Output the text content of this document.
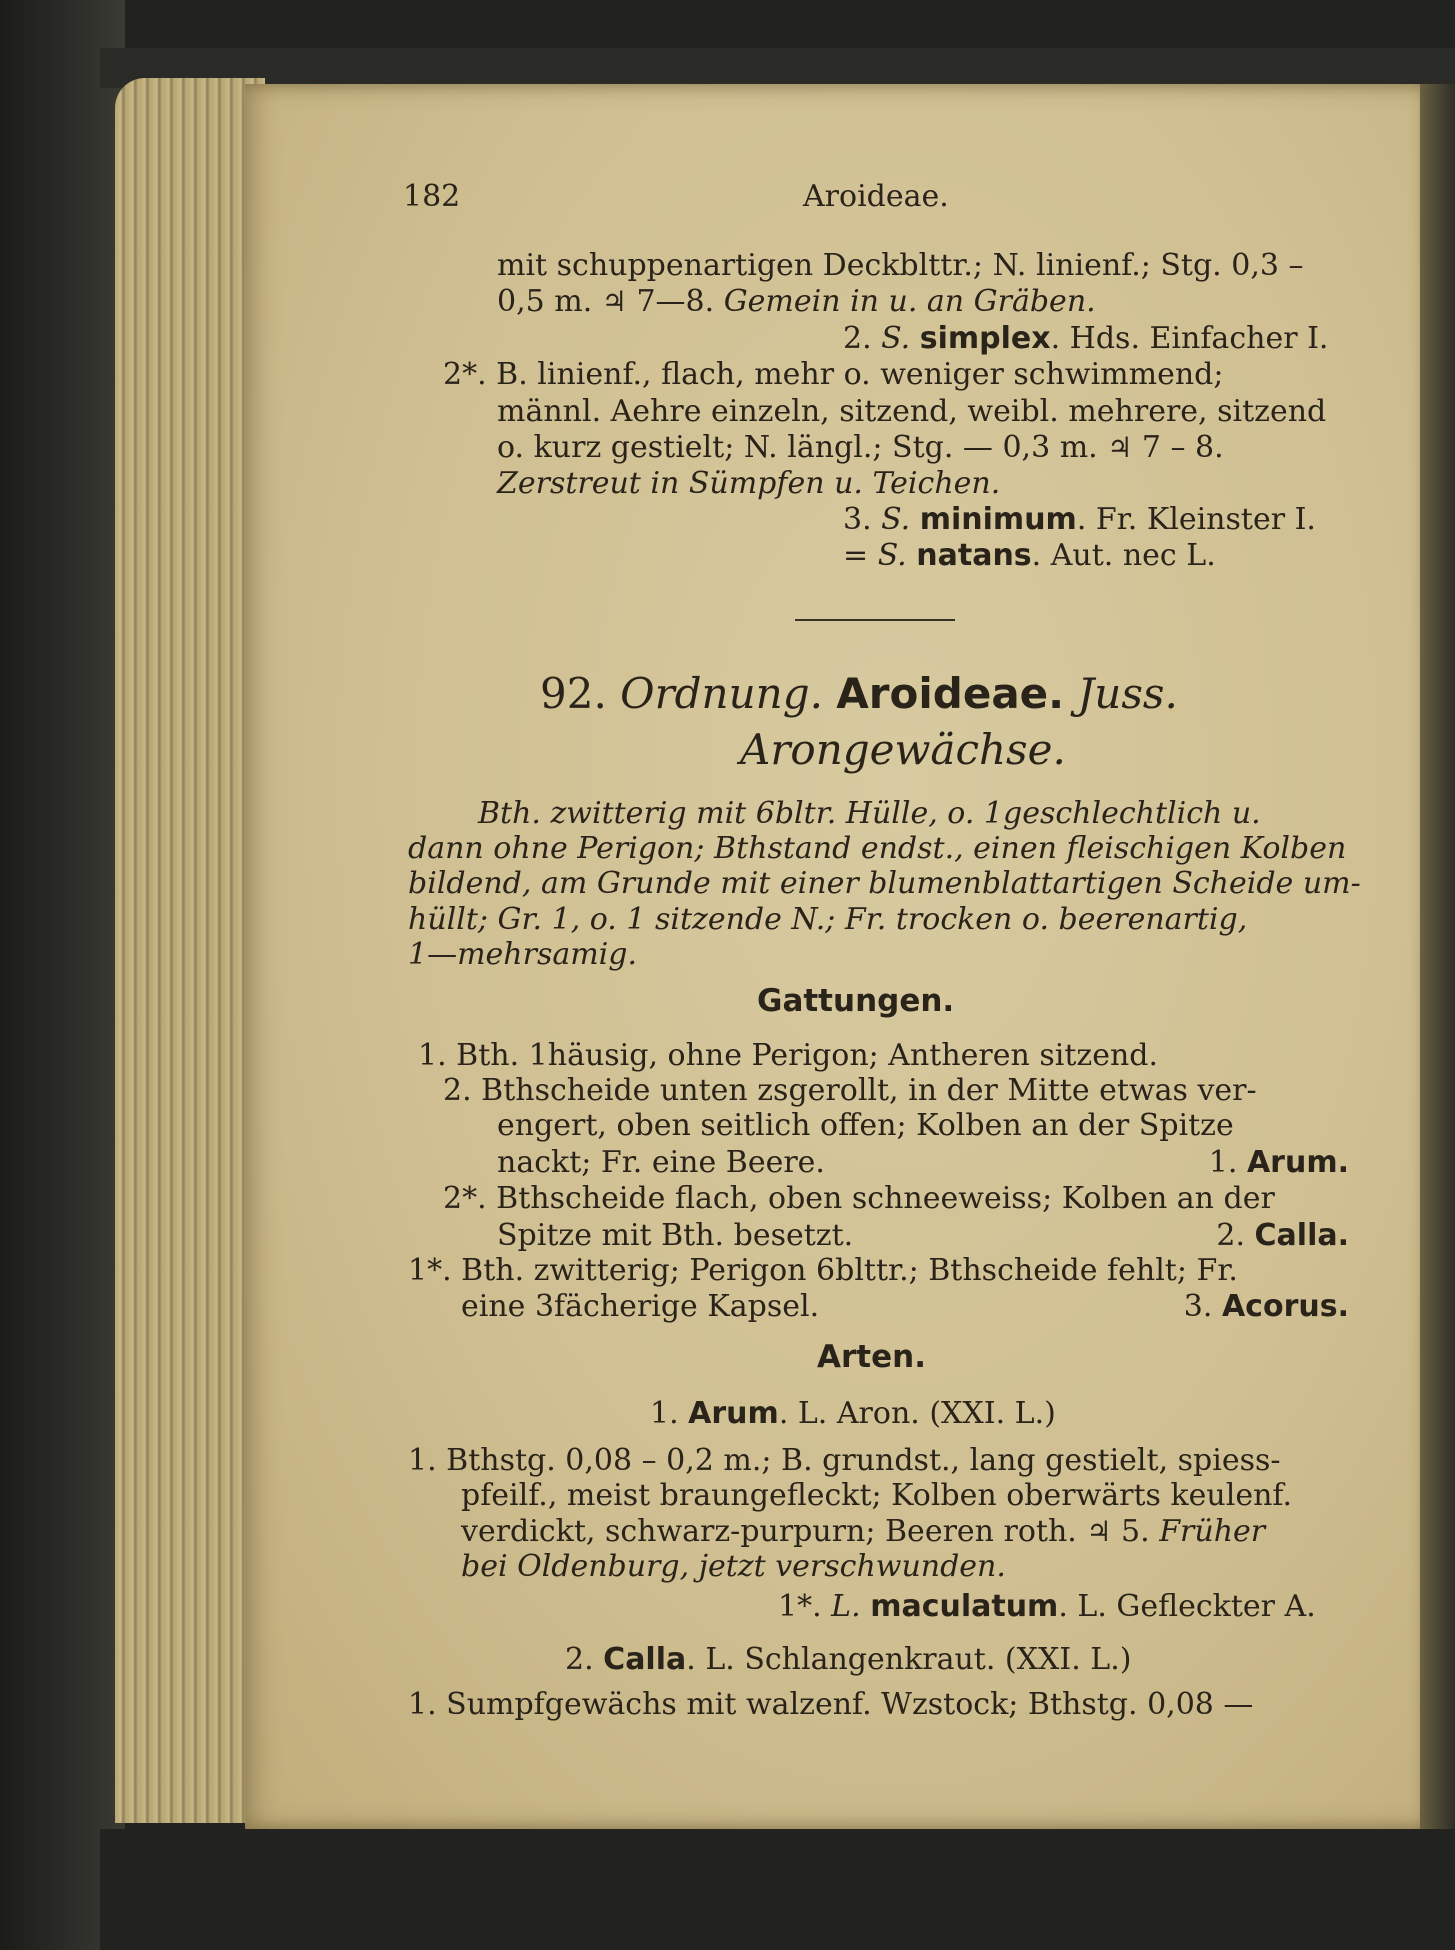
182	Aroideae.
mit schuppenartigen Deckblttr.; N. linienf.; Stg. 0,3 –
0,5 m. ♃ 7—8. Gemein in u. an Gräben.
2. S. simplex. Hds. Einfacher I.
2*. B. linienf., flach, mehr o. weniger schwimmend;
männl. Aehre einzeln, sitzend, weibl. mehrere, sitzend
o. kurz gestielt; N. längl.; Stg. — 0,3 m. ♃ 7 – 8.
Zerstreut in Sümpfen u. Teichen.
3. S. minimum. Fr. Kleinster I.
= S. natans. Aut. nec L.
92. Ordnung. Aroideae. Juss.
Arongewächse.
Bth. zwitterig mit 6bltr. Hülle, o. 1geschlechtlich u.
dann ohne Perigon; Bthstand endst., einen fleischigen Kolben
bildend, am Grunde mit einer blumenblattartigen Scheide um-
hüllt; Gr. 1, o. 1 sitzende N.; Fr. trocken o. beerenartig,
1—mehrsamig.
Gattungen.
1. Bth. 1häusig, ohne Perigon; Antheren sitzend.
2. Bthscheide unten zsgerollt, in der Mitte etwas ver-
engert, oben seitlich offen; Kolben an der Spitze
nackt; Fr. eine Beere.	1. Arum.
2*. Bthscheide flach, oben schneeweiss; Kolben an der
Spitze mit Bth. besetzt.	2. Calla.
1*. Bth. zwitterig; Perigon 6blttr.; Bthscheide fehlt; Fr.
eine 3fächerige Kapsel.	3. Acorus.
Arten.
1. Arum. L. Aron. (XXI. L.)
1. Bthstg. 0,08 – 0,2 m.; B. grundst., lang gestielt, spiess-
pfeilf., meist braungefleckt; Kolben oberwärts keulenf.
verdickt, schwarz-purpurn; Beeren roth. ♃ 5. Früher
bei Oldenburg, jetzt verschwunden.
1*. L. maculatum. L. Gefleckter A.
2. Calla. L. Schlangenkraut. (XXI. L.)
1. Sumpfgewächs mit walzenf. Wzstock; Bthstg. 0,08 —
